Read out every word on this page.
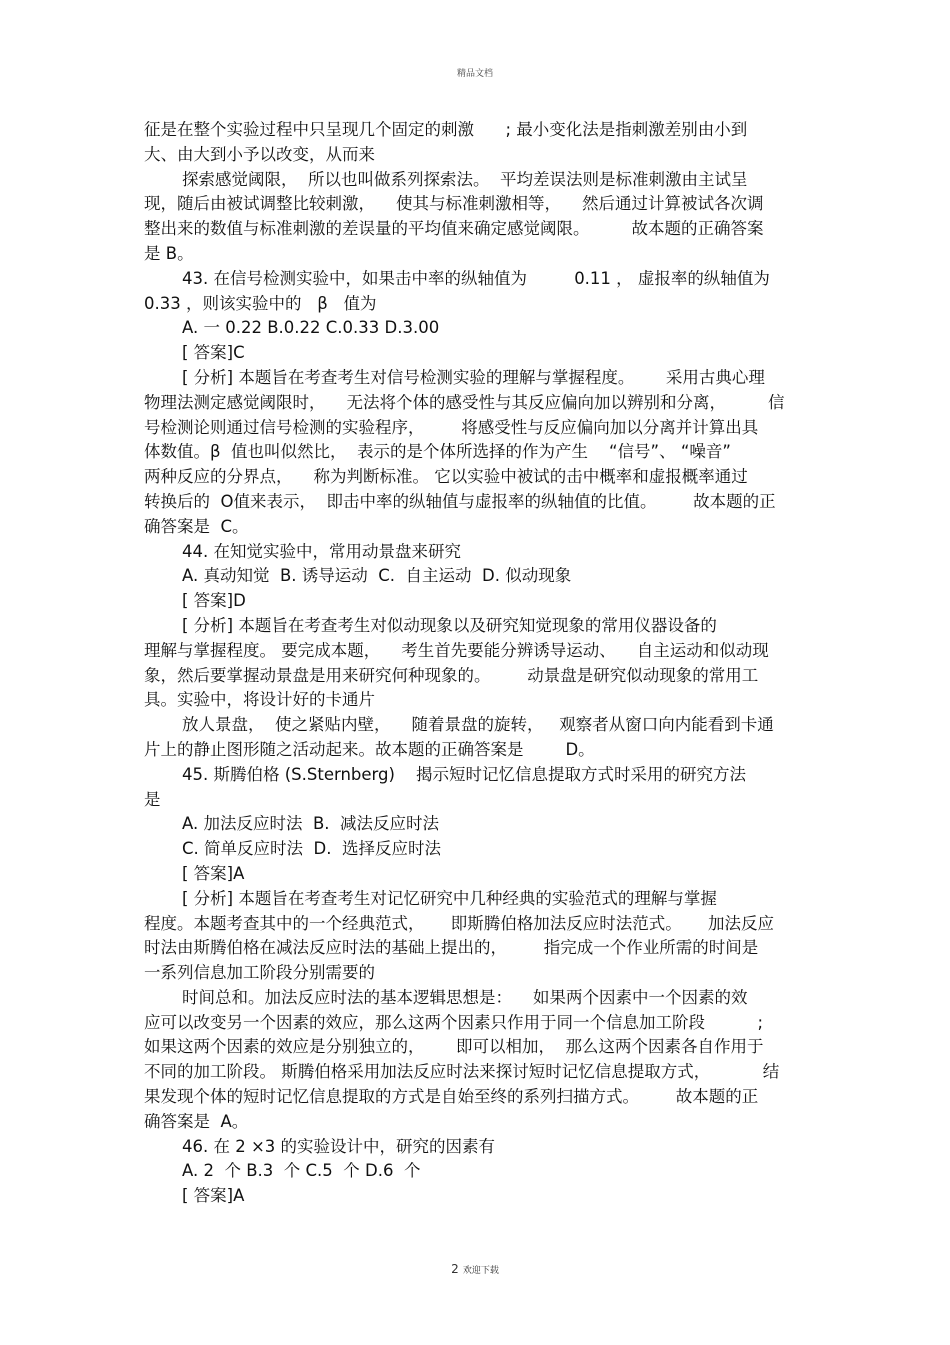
精品文档
征是在整个实验过程中只呈现几个固定的刺激      ; 最小变化法是指刺激差别由小到
大、由大到小予以改变，从而来
探索感觉阈限，  所以也叫做系列探索法。  平均差误法则是标准刺激由主试呈
现，随后由被试调整比较刺激，    使其与标准刺激相等，    然后通过计算被试各次调
整出来的数值与标准刺激的差误量的平均值来确定感觉阈限。        故本题的正确答案
是 B。
43. 在信号检测实验中，如果击中率的纵轴值为         0.11 ， 虚报率的纵轴值为
0.33 ，则该实验中的   β   值为
A. 一 0.22 B.0.22 C.0.33 D.3.00
[ 答案]C
[ 分析] 本题旨在考查考生对信号检测实验的理解与掌握程度。      采用古典心理
物理法测定感觉阈限时，    无法将个体的感受性与其反应偏向加以辨别和分离，        信
号检测论则通过信号检测的实验程序，       将感受性与反应偏向加以分离并计算出具
体数值。β  值也叫似然比，  表示的是个体所选择的作为产生    “信号”、 “噪音”
两种反应的分界点，    称为判断标准。 它以实验中被试的击中概率和虚报概率通过
转换后的  O值来表示，  即击中率的纵轴值与虚报率的纵轴值的比值。       故本题的正
确答案是  C。
44. 在知觉实验中，常用动景盘来研究
A. 真动知觉  B. 诱导运动  C.  自主运动  D. 似动现象
[ 答案]D
[ 分析] 本题旨在考查考生对似动现象以及研究知觉现象的常用仪器设备的
理解与掌握程度。 要完成本题，    考生首先要能分辨诱导运动、    自主运动和似动现
象，然后要掌握动景盘是用来研究何种现象的。       动景盘是研究似动现象的常用工
具。实验中，将设计好的卡通片
放人景盘，  使之紧贴内壁，    随着景盘的旋转，   观察者从窗口向内能看到卡通
片上的静止图形随之活动起来。故本题的正确答案是        D。
45. 斯腾伯格 (S.Sternberg)    揭示短时记忆信息提取方式时采用的研究方法
是
A. 加法反应时法  B.  减法反应时法
C. 简单反应时法  D.  选择反应时法
[ 答案]A
[ 分析] 本题旨在考查考生对记忆研究中几种经典的实验范式的理解与掌握
程度。本题考查其中的一个经典范式，     即斯腾伯格加法反应时法范式。     加法反应
时法由斯腾伯格在减法反应时法的基础上提出的，       指完成一个作业所需的时间是
一系列信息加工阶段分别需要的
时间总和。加法反应时法的基本逻辑思想是：    如果两个因素中一个因素的效
应可以改变另一个因素的效应，那么这两个因素只作用于同一个信息加工阶段          ;
如果这两个因素的效应是分别独立的，      即可以相加，  那么这两个因素各自作用于
不同的加工阶段。 斯腾伯格采用加法反应时法来探讨短时记忆信息提取方式，          结
果发现个体的短时记忆信息提取的方式是自始至终的系列扫描方式。       故本题的正
确答案是  A。
46. 在 2 ×3 的实验设计中，研究的因素有
A. 2  个 B.3  个 C.5  个 D.6  个
[ 答案]A
2 欢迎下载
